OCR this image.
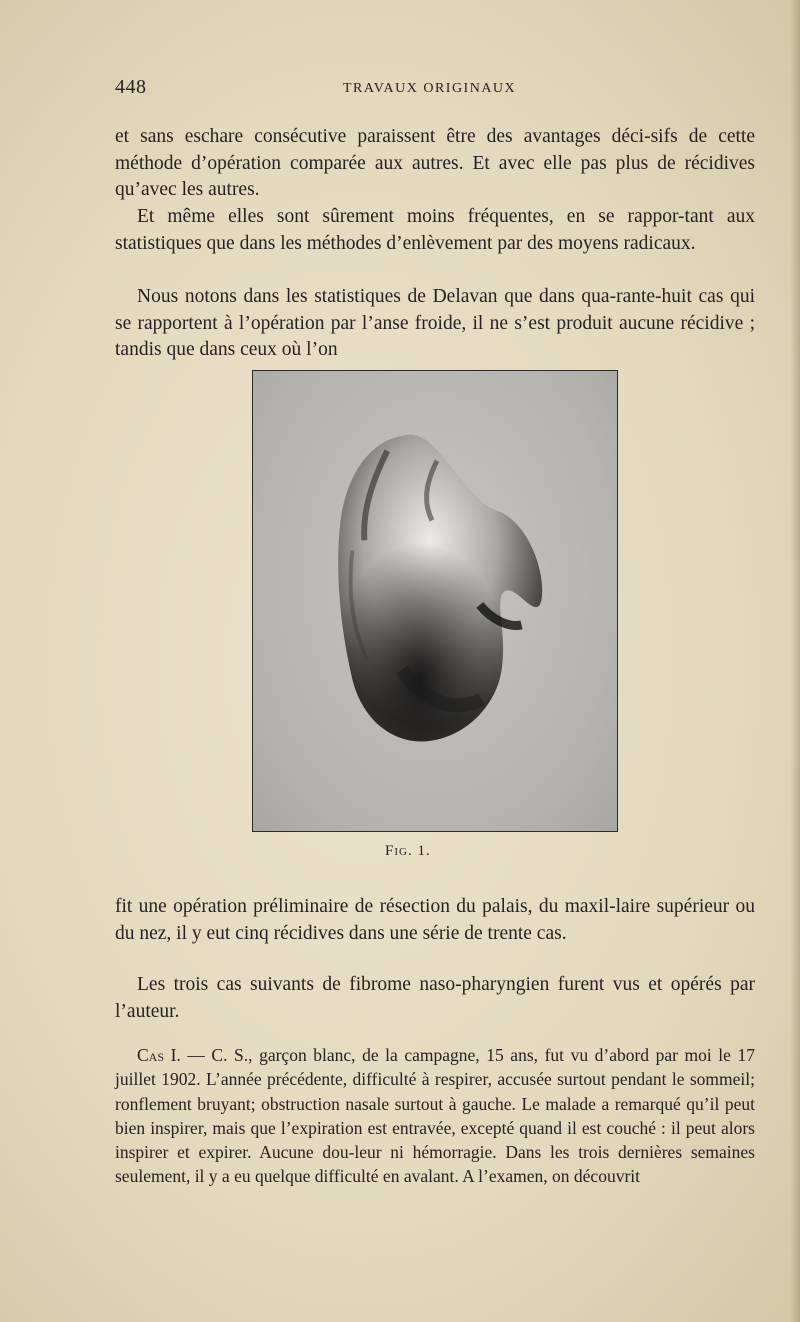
448	TRAVAUX ORIGINAUX

et sans eschare consécutive paraissent être des avantages déci-sifs de cette méthode d’opération comparée aux autres. Et avec elle pas plus de récidives qu’avec les autres.

Et même elles sont sûrement moins fréquentes, en se rappor-tant aux statistiques que dans les méthodes d’enlèvement par des moyens radicaux.

Nous notons dans les statistiques de Delavan que dans qua-rante-huit cas qui se rapportent à l’opération par l’anse froide, il ne s’est produit aucune récidive ; tandis que dans ceux où l’on

Fig. 1.

fit une opération préliminaire de résection du palais, du maxil-laire supérieur ou du nez, il y eut cinq récidives dans une série de trente cas.

Les trois cas suivants de fibrome naso-pharyngien furent vus et opérés par l’auteur.

Cas I. — C. S., garçon blanc, de la campagne, 15 ans, fut vu d’abord par moi le 17 juillet 1902. L’année précédente, difficulté à respirer, accusée surtout pendant le sommeil; ronflement bruyant; obstruction nasale surtout à gauche. Le malade a remarqué qu’il peut bien inspirer, mais que l’expiration est entravée, excepté quand il est couché : il peut alors inspirer et expirer. Aucune dou-leur ni hémorragie. Dans les trois dernières semaines seulement, il y a eu quelque difficulté en avalant. A l’examen, on découvrit
